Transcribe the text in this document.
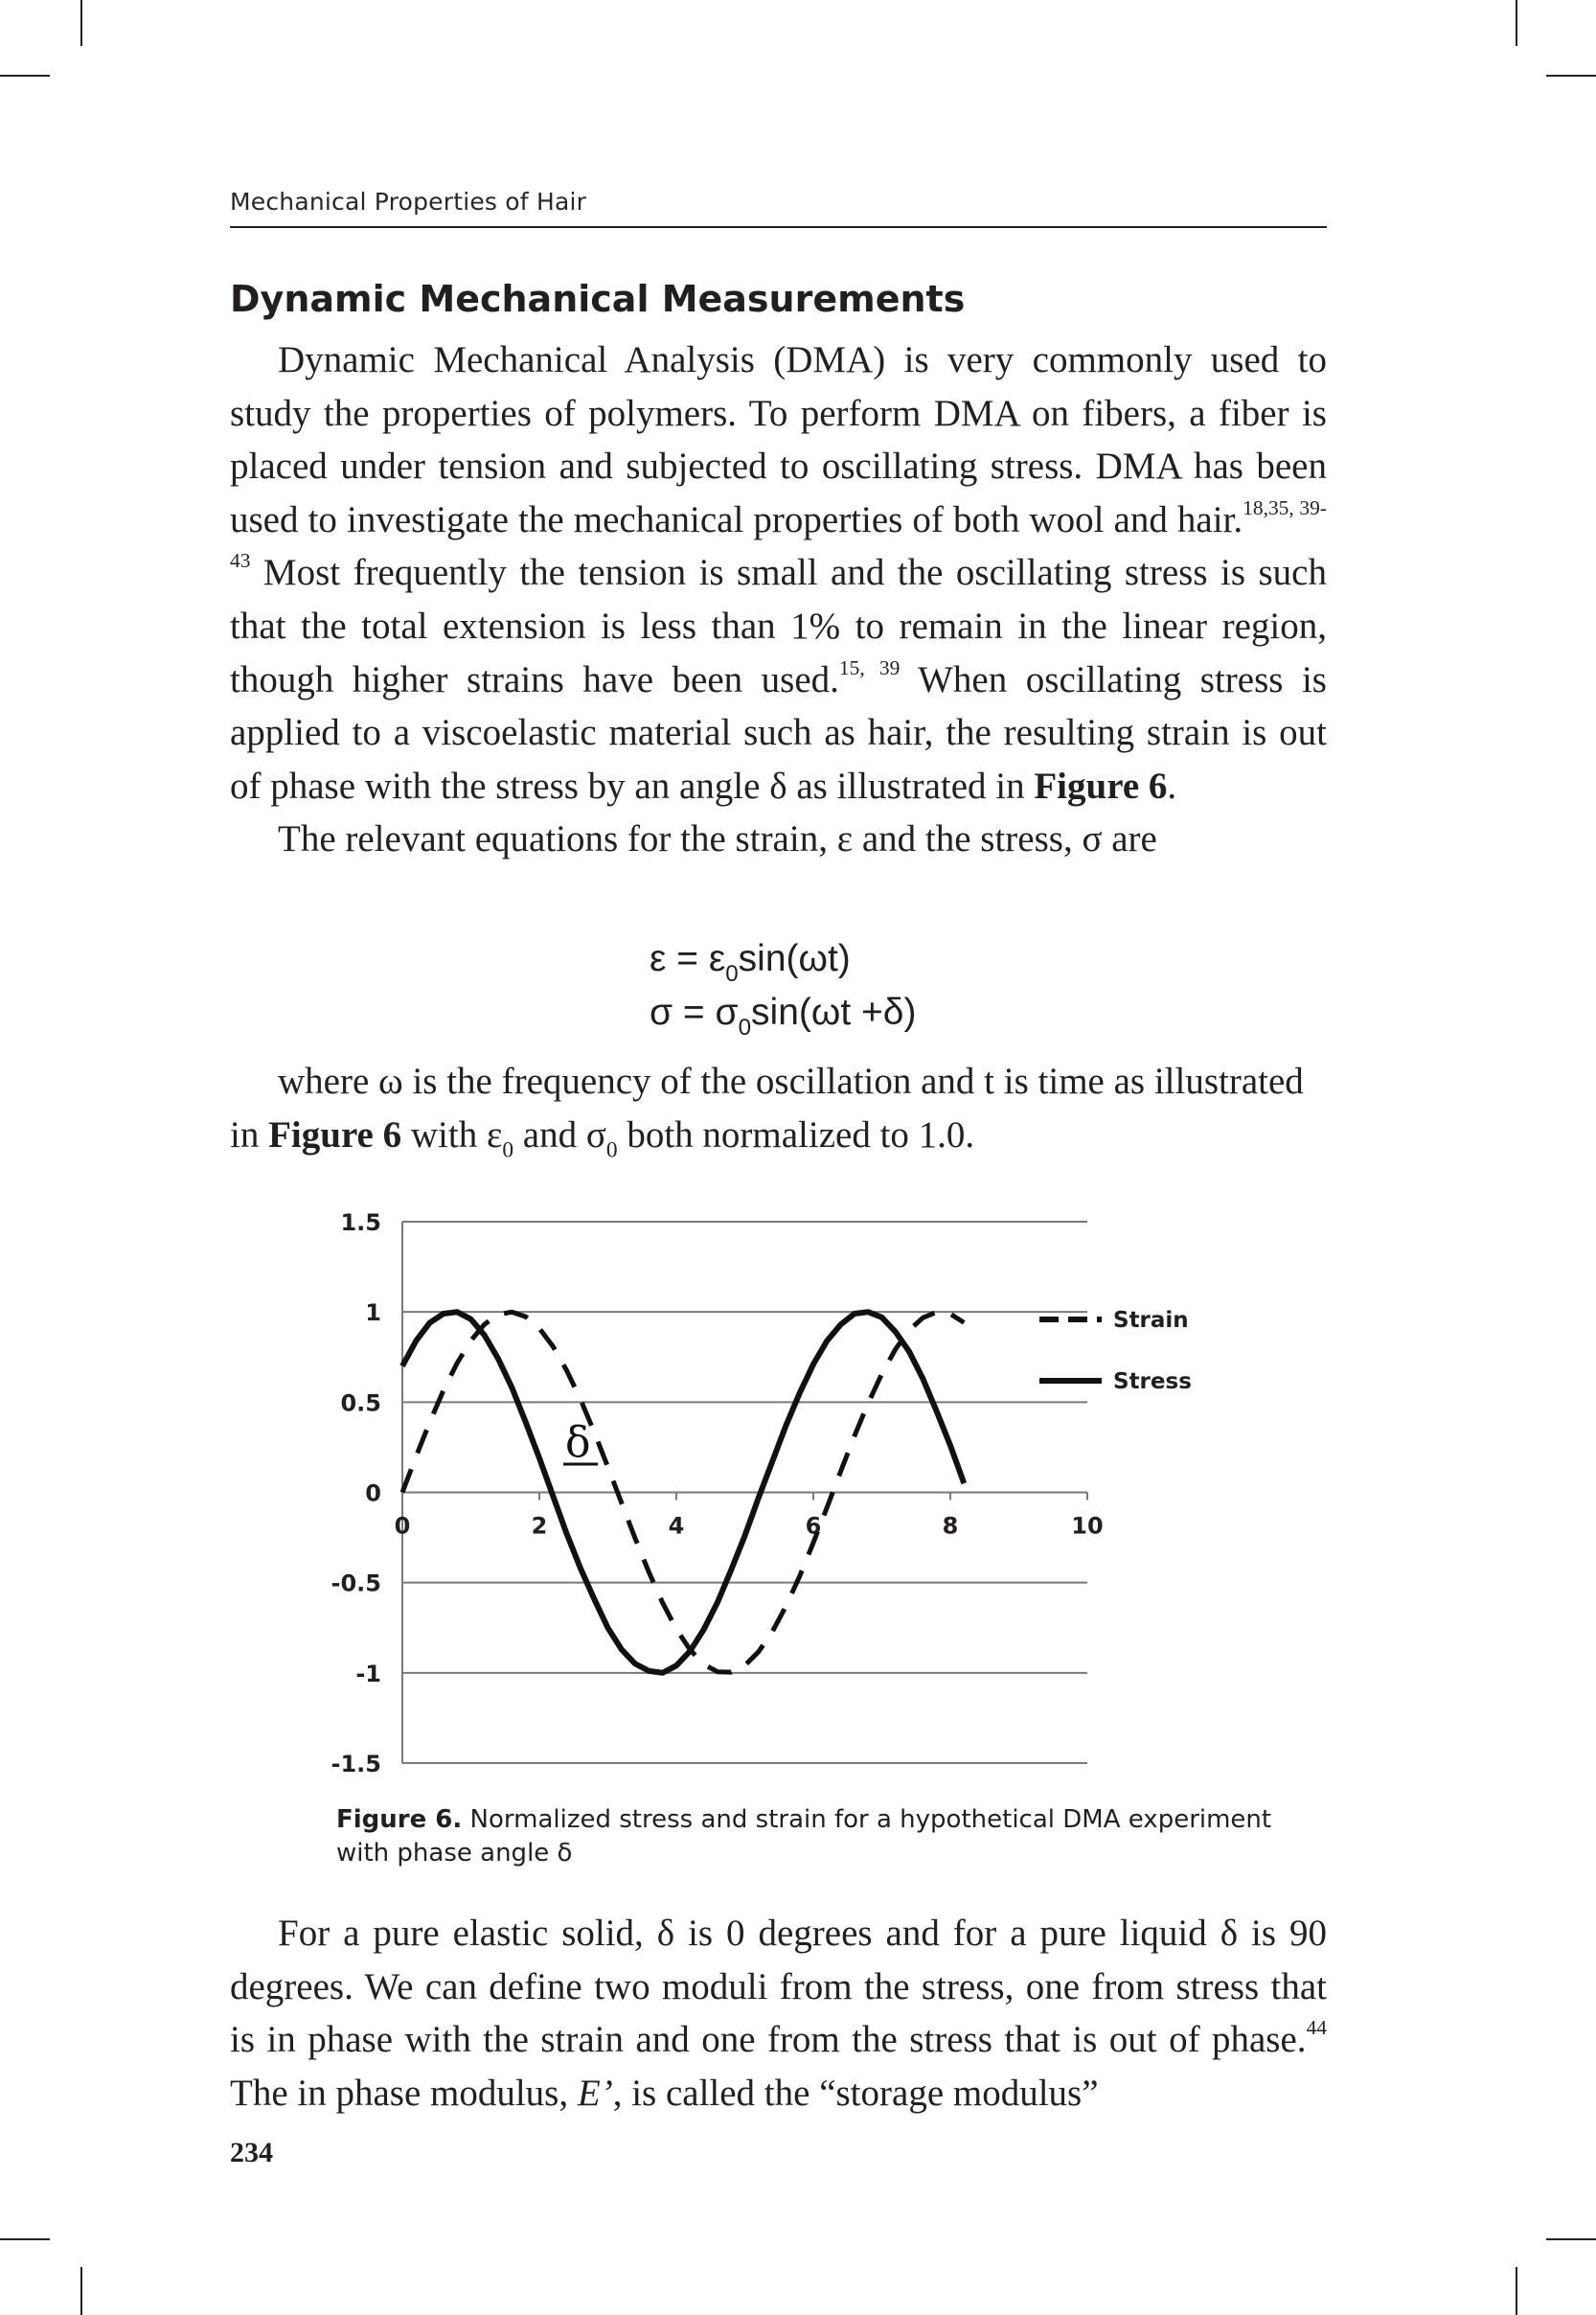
Mechanical Properties of Hair
Dynamic Mechanical Measurements

Dynamic Mechanical Analysis (DMA) is very commonly used to study the properties of polymers. To perform DMA on fibers, a fiber is placed under tension and subjected to oscillating stress. DMA has been used to investigate the mechanical properties of both wool and hair.$^{18,35, 39-43}$ Most frequently the tension is small and the oscillating stress is such that the total extension is less than 1% to remain in the linear region, though higher strains have been used.$^{15, 39}$ When oscillating stress is applied to a viscoelastic material such as hair, the resulting strain is out of phase with the stress by an angle δ as illustrated in Figure 6.

The relevant equations for the strain, ε and the stress, σ are

$\varepsilon = \varepsilon_0\sin(\omega t)$
$\sigma = \sigma_0\sin(\omega t +\delta)$

where ω is the frequency of the oscillation and t is time as illustrated in Figure 6 with $\varepsilon_0$ and $\sigma_0$ both normalized to 1.0.

1.5
1
0.5
0
-0.5
-1
-1.5
0	2	4	6	8	10
δ
Strain
Stress
Figure 6. Normalized stress and strain for a hypothetical DMA experiment with phase angle δ

For a pure elastic solid, δ is 0 degrees and for a pure liquid δ is 90 degrees. We can define two moduli from the stress, one from stress that is in phase with the strain and one from the stress that is out of phase.$^{44}$ The in phase modulus, E’, is called the “storage modulus”

234
